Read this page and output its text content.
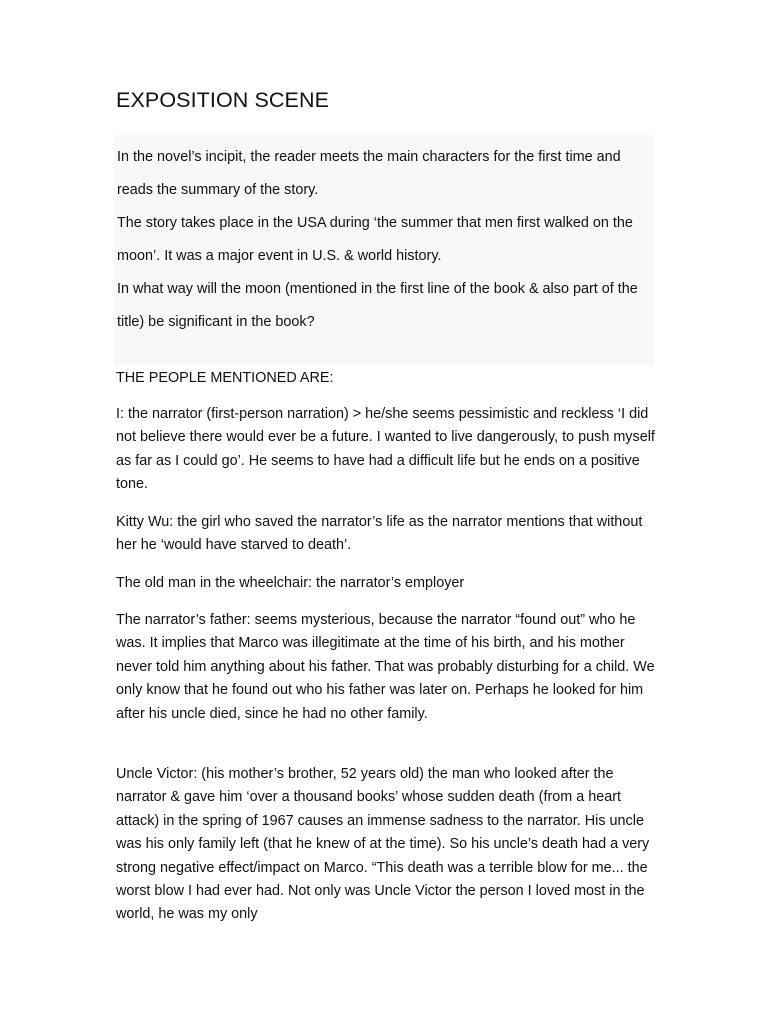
EXPOSITION SCENE

In the novel’s incipit, the reader meets the main characters for the first time and reads the summary of the story.

The story takes place in the USA during ‘the summer that men first walked on the moon’. It was a major event in U.S. & world history.

In what way will the moon (mentioned in the first line of the book & also part of the title) be significant in the book?

THE PEOPLE MENTIONED ARE:

I: the narrator (first-person narration) > he/she seems pessimistic and reckless ‘I did not believe there would ever be a future. I wanted to live dangerously, to push myself as far as I could go’. He seems to have had a difficult life but he ends on a positive tone.

Kitty Wu: the girl who saved the narrator’s life as the narrator mentions that without her he ‘would have starved to death’.

The old man in the wheelchair: the narrator’s employer

The narrator’s father: seems mysterious, because the narrator “found out” who he was. It implies that Marco was illegitimate at the time of his birth, and his mother never told him anything about his father. That was probably disturbing for a child. We only know that he found out who his father was later on. Perhaps he looked for him after his uncle died, since he had no other family.

Uncle Victor: (his mother’s brother, 52 years old) the man who looked after the narrator & gave him ‘over a thousand books’ whose sudden death (from a heart attack) in the spring of 1967 causes an immense sadness to the narrator. His uncle was his only family left (that he knew of at the time). So his uncle’s death had a very strong negative effect/impact on Marco. “This death was a terrible blow for me... the worst blow I had ever had. Not only was Uncle Victor the person I loved most in the world, he was my only
